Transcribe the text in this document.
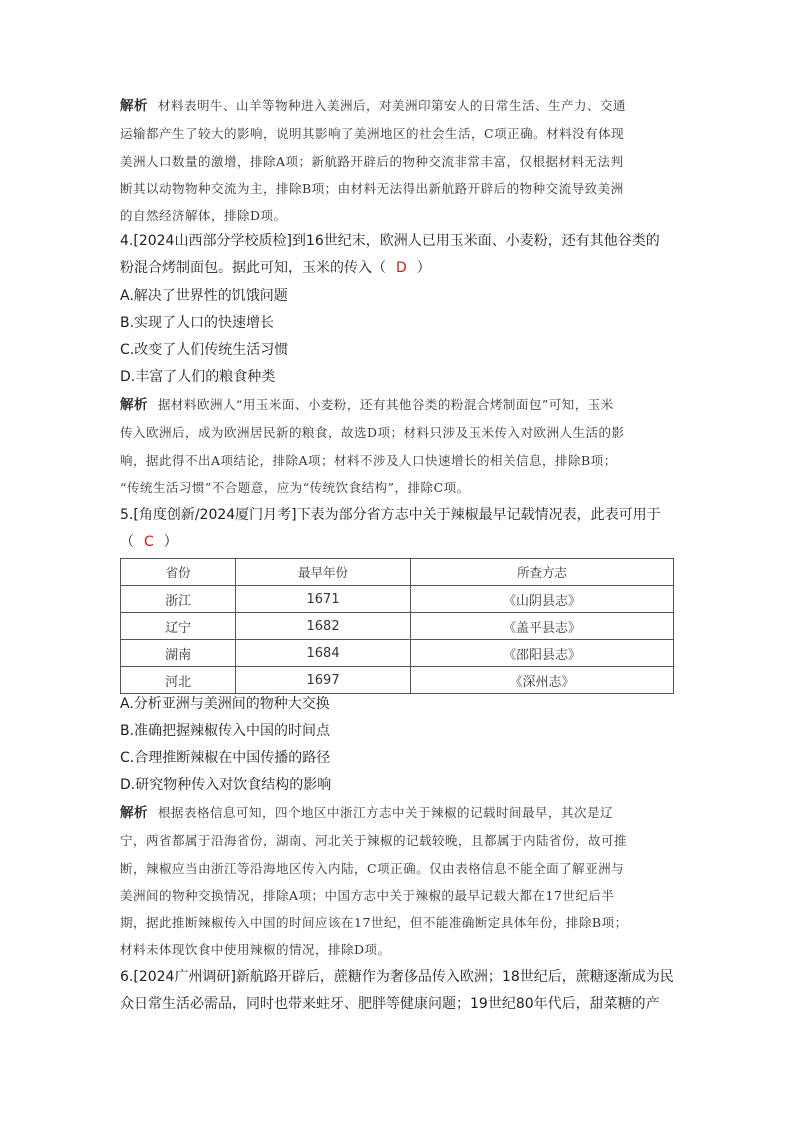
解析 材料表明牛、山羊等物种进入美洲后，对美洲印第安人的日常生活、生产力、交通
运输都产生了较大的影响，说明其影响了美洲地区的社会生活，C项正确。材料没有体现
美洲人口数量的激增，排除A项；新航路开辟后的物种交流非常丰富，仅根据材料无法判
断其以动物物种交流为主，排除B项；由材料无法得出新航路开辟后的物种交流导致美洲
的自然经济解体，排除D项。
4.[2024山西部分学校质检]到16世纪末，欧洲人已用玉米面、小麦粉，还有其他谷类的
粉混合烤制面包。据此可知，玉米的传入（ D ）
A.解决了世界性的饥饿问题
B.实现了人口的快速增长
C.改变了人们传统生活习惯
D.丰富了人们的粮食种类
解析 据材料欧洲人“用玉米面、小麦粉，还有其他谷类的粉混合烤制面包”可知，玉米
传入欧洲后，成为欧洲居民新的粮食，故选D项；材料只涉及玉米传入对欧洲人生活的影
响，据此得不出A项结论，排除A项；材料不涉及人口快速增长的相关信息，排除B项；
“传统生活习惯”不合题意，应为“传统饮食结构”，排除C项。
5.[角度创新/2024厦门月考]下表为部分省方志中关于辣椒最早记载情况表，此表可用于
（ C ）
省份	最早年份	所查方志
浙江	1671	《山阴县志》
辽宁	1682	《盖平县志》
湖南	1684	《邵阳县志》
河北	1697	《深州志》
A.分析亚洲与美洲间的物种大交换
B.准确把握辣椒传入中国的时间点
C.合理推断辣椒在中国传播的路径
D.研究物种传入对饮食结构的影响
解析 根据表格信息可知，四个地区中浙江方志中关于辣椒的记载时间最早，其次是辽
宁，两省都属于沿海省份，湖南、河北关于辣椒的记载较晚，且都属于内陆省份，故可推
断，辣椒应当由浙江等沿海地区传入内陆，C项正确。仅由表格信息不能全面了解亚洲与
美洲间的物种交换情况，排除A项；中国方志中关于辣椒的最早记载大都在17世纪后半
期，据此推断辣椒传入中国的时间应该在17世纪，但不能准确断定具体年份，排除B项；
材料未体现饮食中使用辣椒的情况，排除D项。
6.[2024广州调研]新航路开辟后，蔗糖作为奢侈品传入欧洲；18世纪后，蔗糖逐渐成为民
众日常生活必需品，同时也带来蛀牙、肥胖等健康问题；19世纪80年代后，甜菜糖的产
